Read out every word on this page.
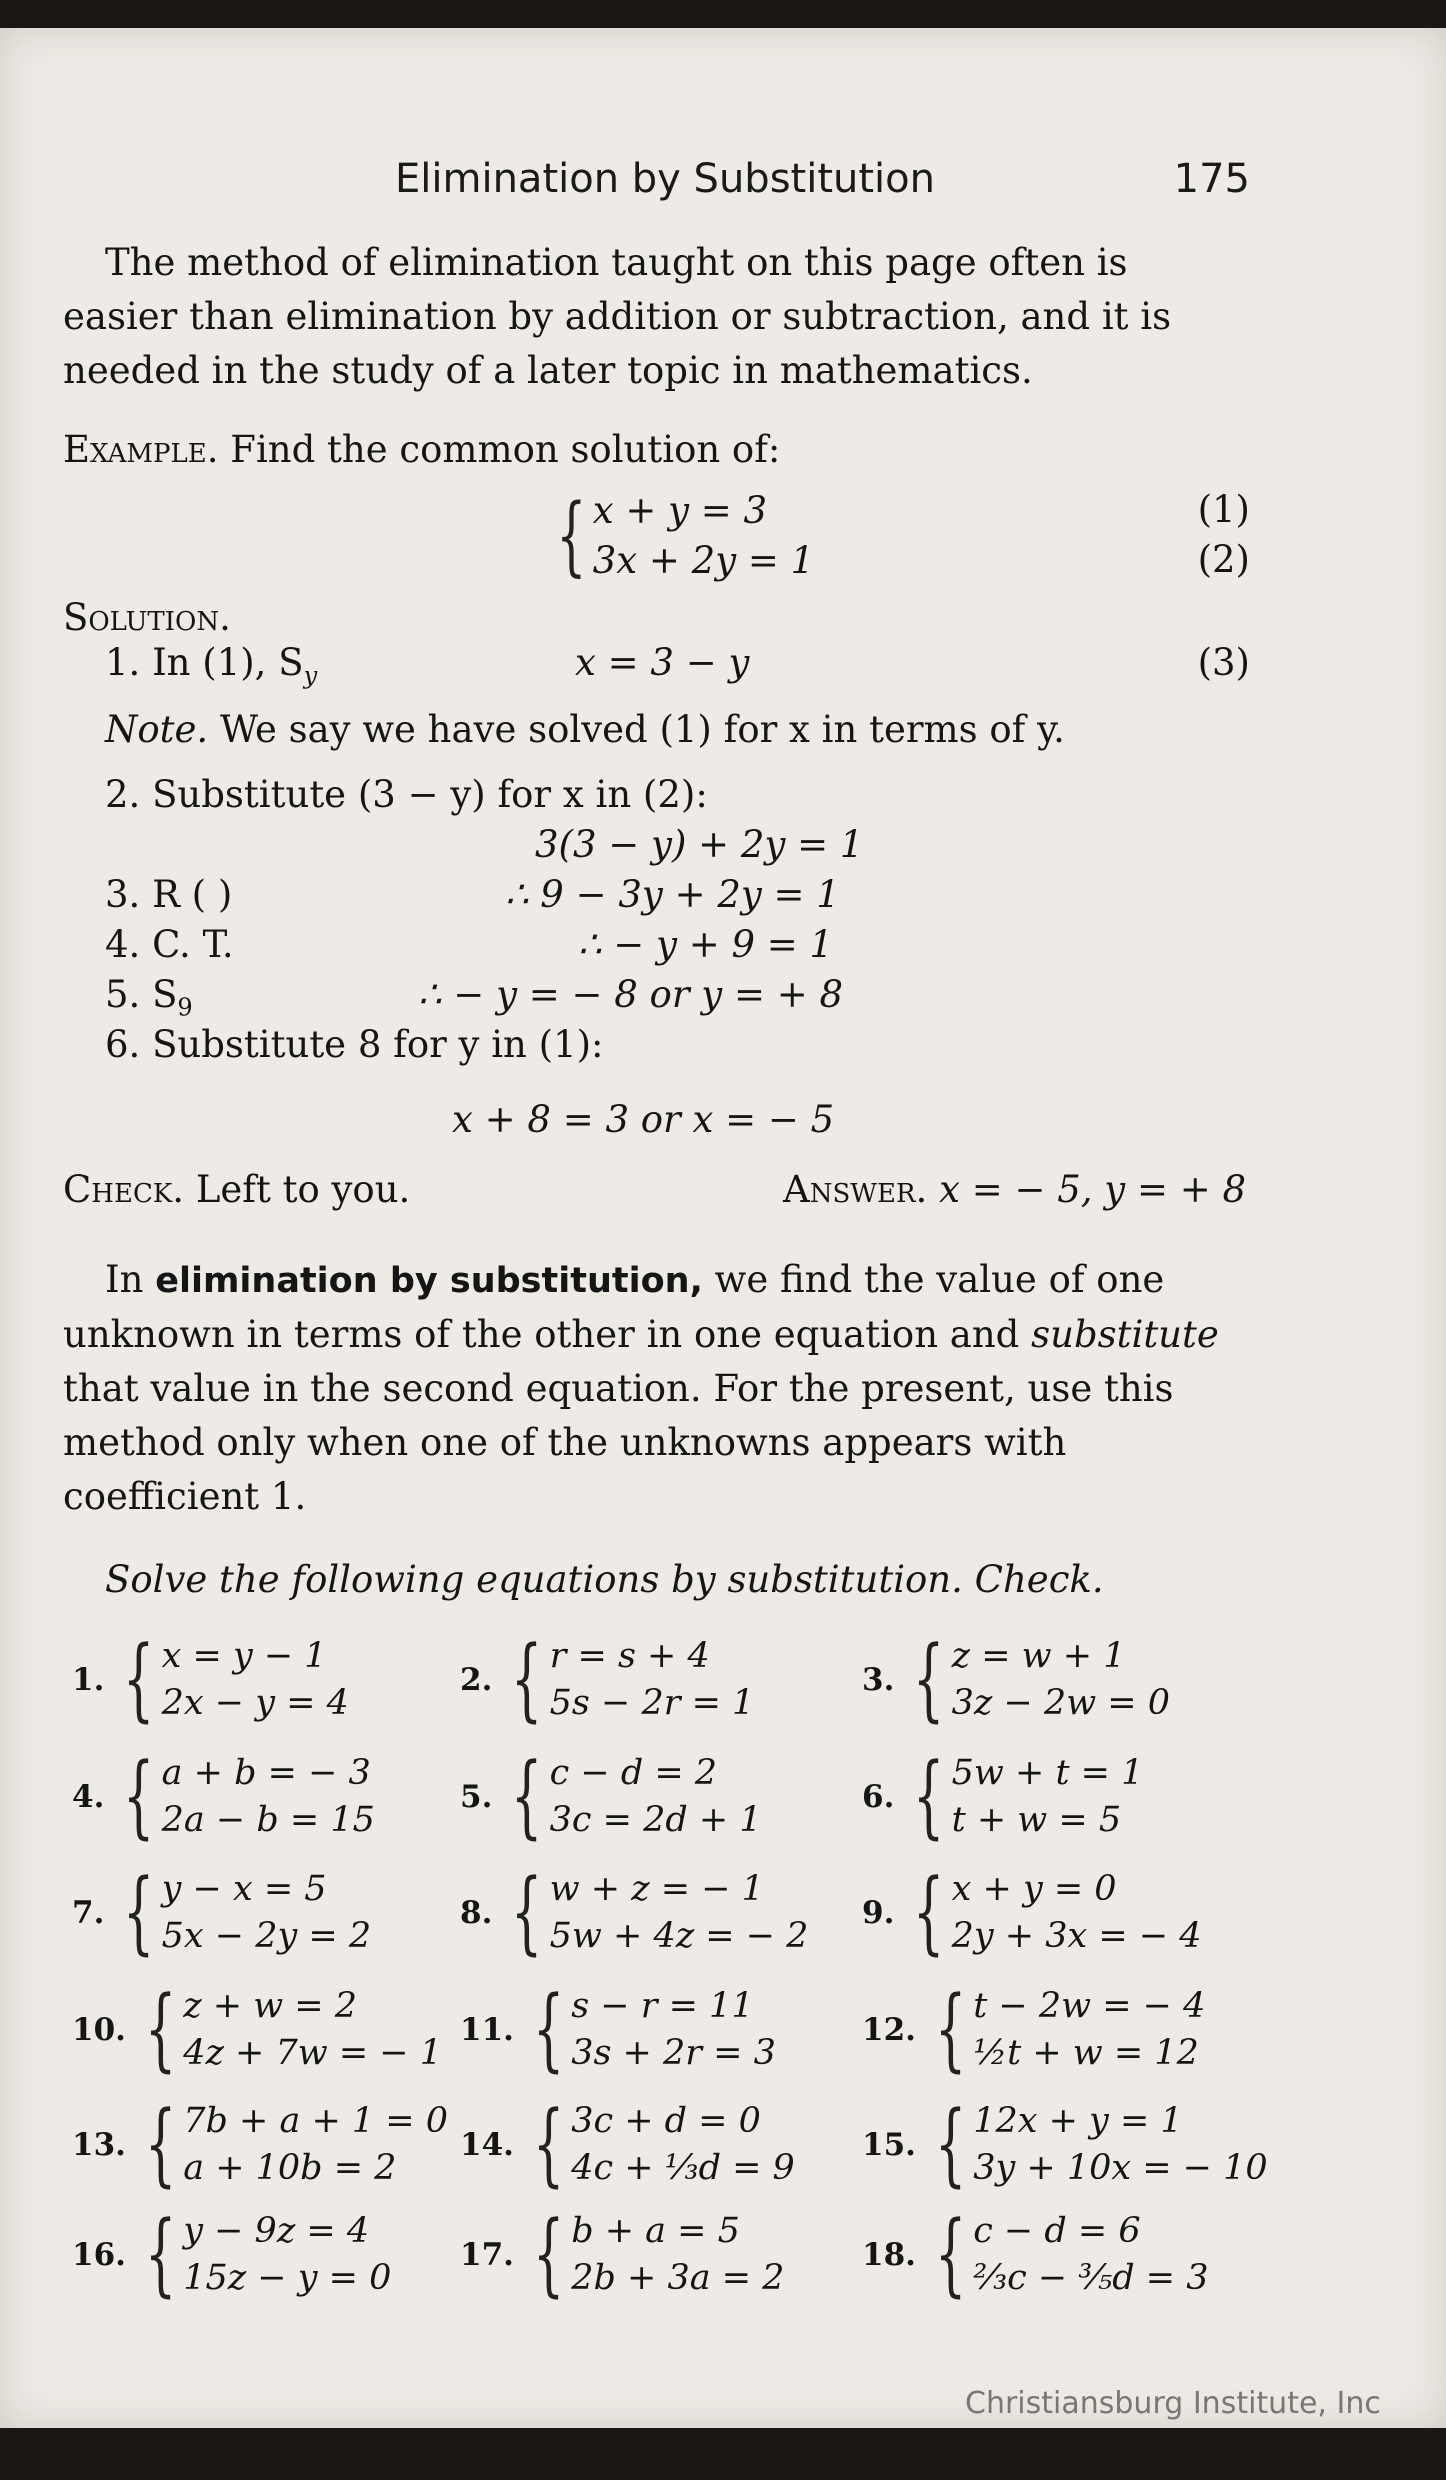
Elimination by Substitution	175

The method of elimination taught on this page often is easier than elimination by addition or subtraction, and it is needed in the study of a later topic in mathematics.

Example. Find the common solution of:
{ x + y = 3
3x + 2y = 1
(1)
(2)
Solution.
1. In (1), $S_y$	x = 3 − y	(3)
Note. We say we have solved (1) for x in terms of y.
2. Substitute (3 − y) for x in (2):
3(3 − y) + 2y = 1
3. R ( )	∴ 9 − 3y + 2y = 1
4. C. T.	∴ − y + 9 = 1
5. $S_9$	∴ − y = − 8 or y = + 8
6. Substitute 8 for y in (1):
x + 8 = 3 or x = − 5
Check. Left to you.	Answer. x = − 5, y = + 8

In elimination by substitution, we find the value of one unknown in terms of the other in one equation and substitute that value in the second equation. For the present, use this method only when one of the unknowns appears with coefficient 1.

Solve the following equations by substitution. Check.
1. { x = y − 1
2x − y = 4
2. { r = s + 4
5s − 2r = 1
3. { z = w + 1
3z − 2w = 0
4. { a + b = − 3
2a − b = 15
5. { c − d = 2
3c = 2d + 1
6. { 5w + t = 1
t + w = 5
7. { y − x = 5
5x − 2y = 2
8. { w + z = − 1
5w + 4z = − 2
9. { x + y = 0
2y + 3x = − 4
10. { z + w = 2
4z + 7w = − 1
11. { s − r = 11
3s + 2r = 3
12. { t − 2w = − 4
½t + w = 12
13. { 7b + a + 1 = 0
a + 10b = 2
14. { 3c + d = 0
4c + ⅓d = 9
15. { 12x + y = 1
3y + 10x = − 10
16. { y − 9z = 4
15z − y = 0
17. { b + a = 5
2b + 3a = 2
18. { c − d = 6
⅔c − ⅗d = 3
Christiansburg Institute, Inc
